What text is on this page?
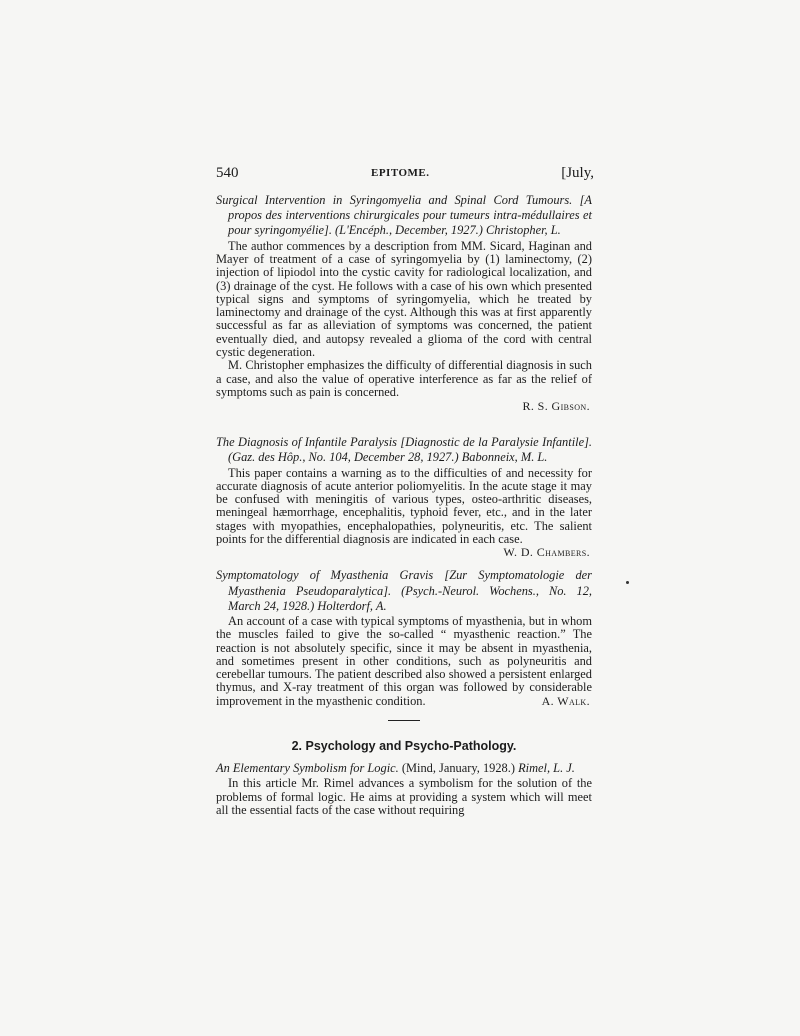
540	EPITOME.	[July,
Surgical Intervention in Syringomyelia and Spinal Cord Tumours. [A propos des interventions chirurgicales pour tumeurs intra-médullaires et pour syringomyélie]. (L'Encéph., December, 1927.) Christopher, L.

The author commences by a description from MM. Sicard, Haginan and Mayer of treatment of a case of syringomyelia by (1) laminectomy, (2) injection of lipiodol into the cystic cavity for radiological localization, and (3) drainage of the cyst. He follows with a case of his own which presented typical signs and symptoms of syringomyelia, which he treated by laminectomy and drainage of the cyst. Although this was at first apparently successful as far as alleviation of symptoms was concerned, the patient eventually died, and autopsy revealed a glioma of the cord with central cystic degeneration.

M. Christopher emphasizes the difficulty of differential diagnosis in such a case, and also the value of operative interference as far as the relief of symptoms such as pain is concerned.

R. S. Gibson.
The Diagnosis of Infantile Paralysis [Diagnostic de la Paralysie Infantile]. (Gaz. des Hôp., No. 104, December 28, 1927.) Babonneix, M. L.

This paper contains a warning as to the difficulties of and necessity for accurate diagnosis of acute anterior poliomyelitis. In the acute stage it may be confused with meningitis of various types, osteo-arthritic diseases, meningeal hæmorrhage, encephalitis, typhoid fever, etc., and in the later stages with myopathies, encephalopathies, polyneuritis, etc. The salient points for the differential diagnosis are indicated in each case.
W. D. Chambers.

Symptomatology of Myasthenia Gravis [Zur Symptomatologie der Myasthenia Pseudoparalytica]. (Psych.-Neurol. Wochens., No. 12, March 24, 1928.) Holterdorf, A.

An account of a case with typical symptoms of myasthenia, but in whom the muscles failed to give the so-called “ myasthenic reaction.” The reaction is not absolutely specific, since it may be absent in myasthenia, and sometimes present in other conditions, such as polyneuritis and cerebellar tumours. The patient described also showed a persistent enlarged thymus, and X-ray treatment of this organ was followed by considerable improvement in the myasthenic condition.	A. Walk.

2. Psychology and Psycho-Pathology.
An Elementary Symbolism for Logic. (Mind, January, 1928.) Rimel, L. J.

In this article Mr. Rimel advances a symbolism for the solution of the problems of formal logic. He aims at providing a system which will meet all the essential facts of the case without requiring
